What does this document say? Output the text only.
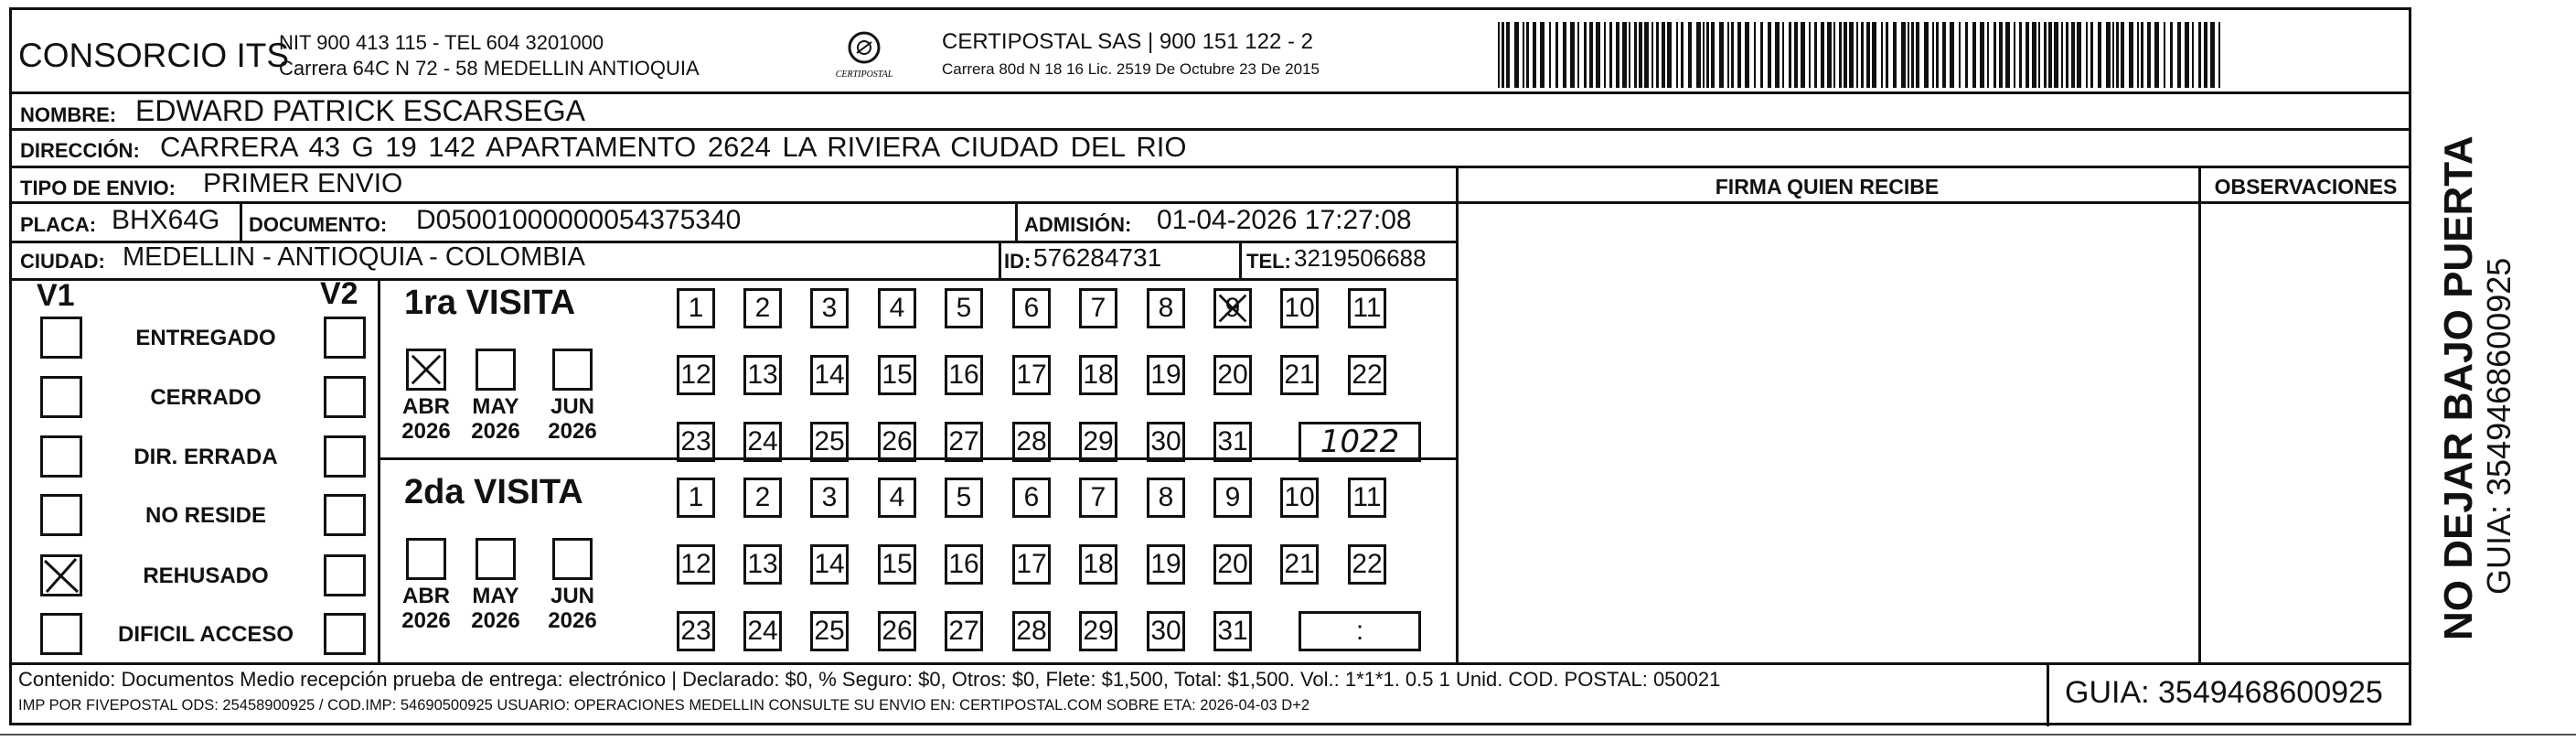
CONSORCIO ITS
NIT 900 413 115 - TEL 604 3201000
Carrera 64C N 72 - 58 MEDELLIN ANTIOQUIA	CERTIPOSTAL
CERTIPOSTAL SAS | 900 151 122 - 2
Carrera 80d N 18 16 Lic. 2519 De Octubre 23 De 2015
NOMBRE: EDWARD PATRICK ESCARSEGA
DIRECCIÓN: CARRERA 43 G 19 142 APARTAMENTO 2624 LA RIVIERA CIUDAD DEL RIO
TIPO DE ENVIO: PRIMER ENVIO	FIRMA QUIEN RECIBE	OBSERVACIONES
PLACA: BHX64G DOCUMENTO: D05001000000054375340	ADMISIÓN: 01-04-2026 17:27:08
CIUDAD: MEDELLIN - ANTIOQUIA - COLOMBIA	ID: 576284731	TEL: 3219506688
V1	V2
ENTREGADO
CERRADO
DIR. ERRADA
NO RESIDE
REHUSADO
DIFICIL ACCESO
1ra VISITA
2da VISITA
ABR
2026
MAY
2026
JUN
2026
1	2	3	4	5	6	7	8	9	10 11
12 13 14 15 16 17 18 19 20 21 22
23 24 25 26 27 28 29 30 31	1022
ABR
2026
MAY
2026
JUN
2026
1	2	3	4	5	6	7	8	9	10 11
12 13 14 15 16 17 18 19 20 21 22
23 24 25 26 27 28 29 30 31	:
Contenido: Documentos Medio recepción prueba de entrega: electrónico | Declarado: $0, % Seguro: $0, Otros: $0, Flete: $1,500, Total: $1,500. Vol.: 1*1*1. 0.5 1 Unid. COD. POSTAL: 050021
IMP POR FIVEPOSTAL ODS: 25458900925 / COD.IMP: 54690500925 USUARIO: OPERACIONES MEDELLIN CONSULTE SU ENVIO EN: CERTIPOSTAL.COM SOBRE ETA: 2026-04-03 D+2	GUIA: 3549468600925
NO DEJAR BAJO PUERTA GUIA: 3549468600925
